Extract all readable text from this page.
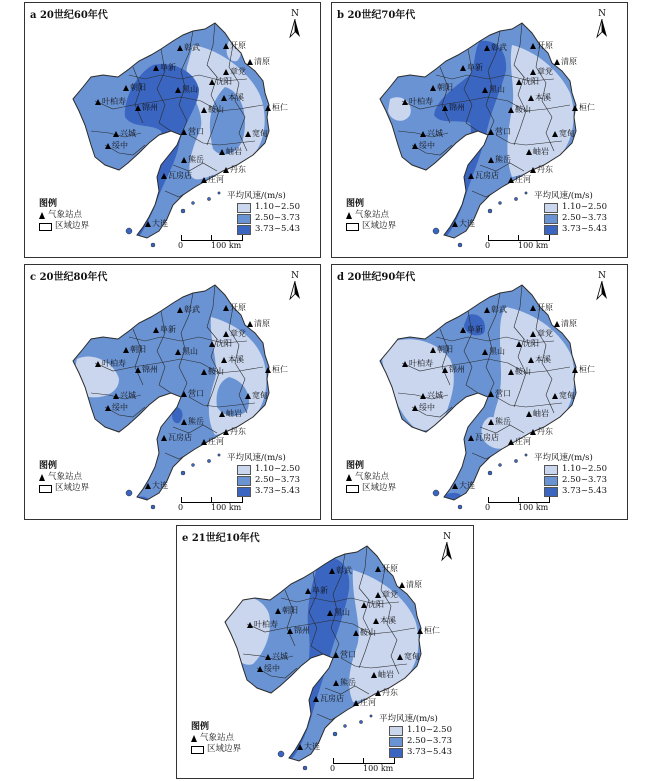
a 20世纪60年代	N
彰武	开原
清原
章党
阜新
沈阳
朝阳	黑山
本溪
叶柏寿
锦州	鞍山	桓仁
营口	宽甸
兴城
绥中
岫岩
熊岳
丹东
瓦房店	庄河
大连
图例
气象站点
区域边界
平均风速/(m/s)
1.10~2.50
2.50~3.73
3.73~5.43
0	100 km
b 20世纪70年代	N
彰武	开原
清原
章党
阜新
沈阳
朝阳	黑山
本溪
叶柏寿
锦州	鞍山	桓仁
营口	宽甸
兴城
绥中
岫岩
熊岳
丹东
瓦房店	庄河
大连
图例
气象站点
区域边界
平均风速/(m/s)
1.10~2.50
2.50~3.73
3.73~5.43
0	100 km
c 20世纪80年代	N
彰武	开原
清原
章党
阜新
沈阳
朝阳	黑山
本溪
叶柏寿
锦州	鞍山	桓仁
营口	宽甸
兴城
绥中
岫岩
熊岳
丹东
瓦房店	庄河
大连
图例
气象站点
区域边界
平均风速/(m/s)
1.10~2.50
2.50~3.73
3.73~5.43
0	100 km
d 20世纪90年代	N
彰武	开原
清原
章党
阜新
沈阳
朝阳	黑山
本溪
叶柏寿
锦州	鞍山	桓仁
营口	宽甸
兴城
绥中
岫岩
熊岳
丹东
瓦房店	庄河
大连
图例
气象站点
区域边界
平均风速/(m/s)
1.10~2.50
2.50~3.73
3.73~5.43
0	100 km
e 21世纪10年代	N
彰武	开原
清原
章党
阜新
沈阳
朝阳	黑山
本溪
叶柏寿
锦州	鞍山	桓仁
营口	宽甸
兴城
绥中
岫岩
熊岳
丹东
瓦房店	庄河
大连
图例
气象站点
区域边界
平均风速/(m/s)
1.10~2.50
2.50~3.73
3.73~5.43
0	100 km
